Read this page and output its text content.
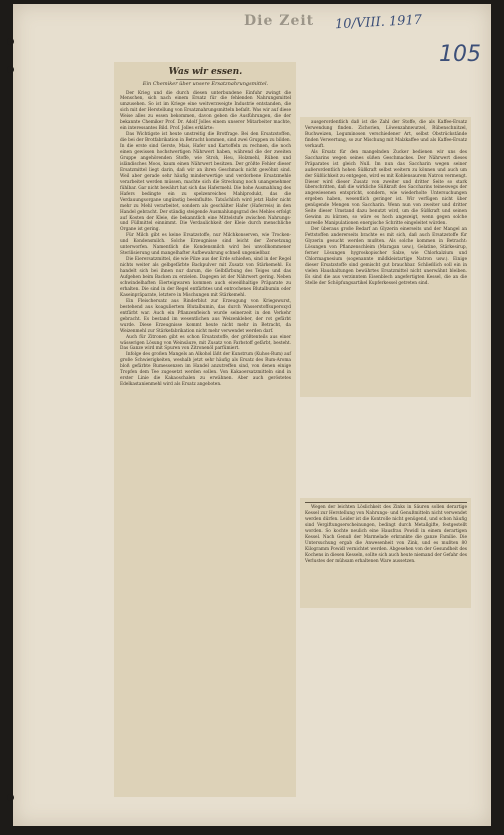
Die Zeit 10/VIII. 1917
105
Was wir essen.
Ein Chemiker über unsere Ersatznahrungsmittel.

Der Krieg und die durch diesen unterbundene Einfuhr zwingt die Menschen, sich nach einem Ersatz für die fehlenden Nahrungsmittel umzusehen. So ist im Kriege eine weitverzweigte Industrie entstanden, die sich mit der Herstellung von Ersatznahrungsmitteln befaßt. Was wir auf diese Weise alles zu essen bekommen, davon geben die Ausführungen, die der bekannte Chemiker Prof. Dr. Adolf Jolles einem unserer Mitarbeiter machte, ein interessantes Bild. Prof. Jolles erklärte:

Das Wichtigste ist heute unstreitig die Brotfrage. Bei den Ersatzstoffen, die bei der Brotfabrikation in Betracht kommen, sind zwei Gruppen zu bilden. In die erste sind Gerste, Mais, Hafer und Kartoffeln zu rechnen, die noch einen gewissen hochstwertigen Nährwert haben, während die der zweiten Gruppe angehörenden Stoffe, wie Stroh, Heu, Holzmehl, Rüben und isländisches Moos, kaum einen Nährwert besitzen. Der größte Fehler dieser Ersatzmittel liegt darin, daß wir an ihren Geschmack nicht gewöhnt sind. Weil aber gerade sehr häufig minderwertige und verdorbene Ersatzmehle verarbeitet werden müssen, machte sich die Streckung noch unangenehmer fühlbar. Gar nicht bewährt hat sich das Hafermehl. Die hohe Ausmahlung des Hafers bedingte ein zu spelzenreiches Mahlprodukt, das die Verdauungsorgane ungünstig beeinflußte. Tatsächlich wird jetzt Hafer nicht mehr zu Mehl verarbeitet, sondern als geschälter Hafer (Haferreis) in den Handel gebracht. Der ständig steigende Ausmahlungsgrad des Mehles erfolgt auf Kosten der Kleie, die bekanntlich eine Mittelstufe zwischen Nahrungs- und Füllmittel einnimmt. Die Verdaulichkeit der Kleie durch menschliche Organe ist gering.

Für Milch gibt es keine Ersatzstoffe, nur Milchkonserven, wie Trocken- und Kondensmilch. Solche Erzeugnisse sind leicht der Zersetzung unterworfen. Namentlich die Kondensmilch wird bei unvollkommener Sterilisierung und mangelhafter Aufbewahrung schnell ungenießbar.

Die Eierersatzmittel, die wie Pilze aus der Erde schießen, sind in der Regel nichts weiter als gelbgefärbte Backpulver mit Zusatz von Stärkemehl. Es handelt sich bei ihnen nur darum, die Gelbfärbung des Teiges und das Aufgehen beim Backen zu erzielen. Dagegen ist der Nährwert gering. Neben schwindelhaften Eierteigwaren kommen auch eiweißhaltige Präparate zu erhalten. Die sind in der Regel entfärbtes und entrochenes Blutalbumin oder Kaseinpräparate, letztere in Mischungen mit Stärkemehl.

Ein Fleischersatz aus Rinderblut zur Erzeugung von Kriegswurst, bestehend aus koaguliertem Blutalbumin, das durch Wasserstoffsuperoxyd entfärbt war. Auch ein Pflanzenfleisch wurde seinerzeit in den Verkehr gebracht. Es bestand im wesentlichen aus Weizenkleber, der rot gefärbt wurde. Diese Erzeugnisse kommt heute nicht mehr in Betracht, da Weizenmehl zur Stärkefabrikation nicht mehr verwendet werden darf.

Auch für Zitronen gibt es schon Ersatzstoffe, der größtenteils aus einer wässerigen Lösung von Weinsäure, mit Zusatz von Farbstoff gefärbt, besteht. Das Ganze wird mit Spuren von Zitronenöl parfümiert.

Infolge des großen Mangels an Alkohol läßt der Kunstrum (Kuhos-Rum) auf große Schwierigkeiten, weshalb jetzt sehr häufig als Ersatz des Rum-Aroma bloß gefärbte Rumessenzen im Handel anzutreffen sind, von denen einige Tropfen dem Tee zugesetzt werden sollen. Von Kakaoersatzmitteln sind in erster Linie die Kakaoschalen zu erwähnen. Aber auch geröstetes Edelkastanienmehl wird als Ersatz angeboten.

ausgerordentlich daß ist die Zahl der Stoffe, die als Kaffee-Ersatz Verwendung finden. Zichorien, Löwenzahnwurzel, Rübenschnitzel, Buchweizen, Leguminosen verschiedener Art, selbst Obstrückstände finden Verwertung, so zur Mischung mit Malzkaffee und als Kaffee-Ersatz verkauft.

Als Ersatz für den mangelnden Zucker bedienen wir uns des Saccharins wegen seines süßen Geschmackes. Der Nährwert dieses Präparates ist gleich Null. Im nun das Saccharin wegen seiner außerordentlich hohen Süßkraft selbst weitern zu können und auch um der Süßlichkeit zu entgegen, wird es mit Kohlensaurem Natron vermengt. Dieser wird dieser Zusatz von zweiter und dritter Seite so stark überschritten, daß die wirkliche Süßkraft des Saccharins teineswegs der angewiesenen entspricht, sondern, wie wiederholte Untersuchungen ergeben haben, wesentlich geringer ist. Wir verfügen nicht über genügende Mengen von Saccharin. Wenn nun von zweiter und dritter Seite dieser Umstand dazu benutzt wird, um die Süßkraft und seinen Gewinn zu kürzen, so wäre es hoch angezeigt, wenn gegen solche unreelle Manipulationen energische Schritte eingeleitet würden.

Der überaus große Bedarf an Glyzerin einerseits und der Mangel an Fettstoffen andererseits brachte es mit sich, daß auch Ersatzstoffe für Glyzerin gesucht werden mußten. Als solche kommen in Betracht: Lösungen von Pflanzenschleim (Maragan usw.), Gelatine, Stärkesirup, ferner Lösungen hygroskopischer Salze, wie Chlorkalzium und Chlormagnesium (sogenannte mildkleistartige Natron usw.). Einige dieser Ersatzstoffe sind gemischt gut brauchbar. Schließlich soll ein in vielen Haushaltungen bewährtes Ersatzmittel nicht unerwähnt bleiben. Es sind die aus verzinntem Eisenblech angefertigten Kessel, die an die Stelle der Schöpfungsartikel Kupferkessel getreten sind.

Wegen der leichten Löslichkeit des Zinks in Säuren sollen derartige Kessel zur Herstellung von Nahrungs- und Genußmitteln nicht verwendet werden dürfen. Leider ist die Kontrolle nicht genügend, und schon häufig sind Vergiftungserscheinungen, bedingt durch Metallgifte, festgestellt worden. So kochte neulich eine Hausfrau Powidl in einem derartigen Kessel. Nach Genuß der Marmelade erkrankte die ganze Familie. Die Untersuchung ergab die Anwesenheit von Zink, und es mußten 80 Kilogramm Powidl vernichtet werden. Abgesehen von der Gesundheit des Kochens in diesen Kesseln, sollte sich auch heute niemand der Gefahr des Verlustes der mühsam erhaltenen Ware aussetzen.
